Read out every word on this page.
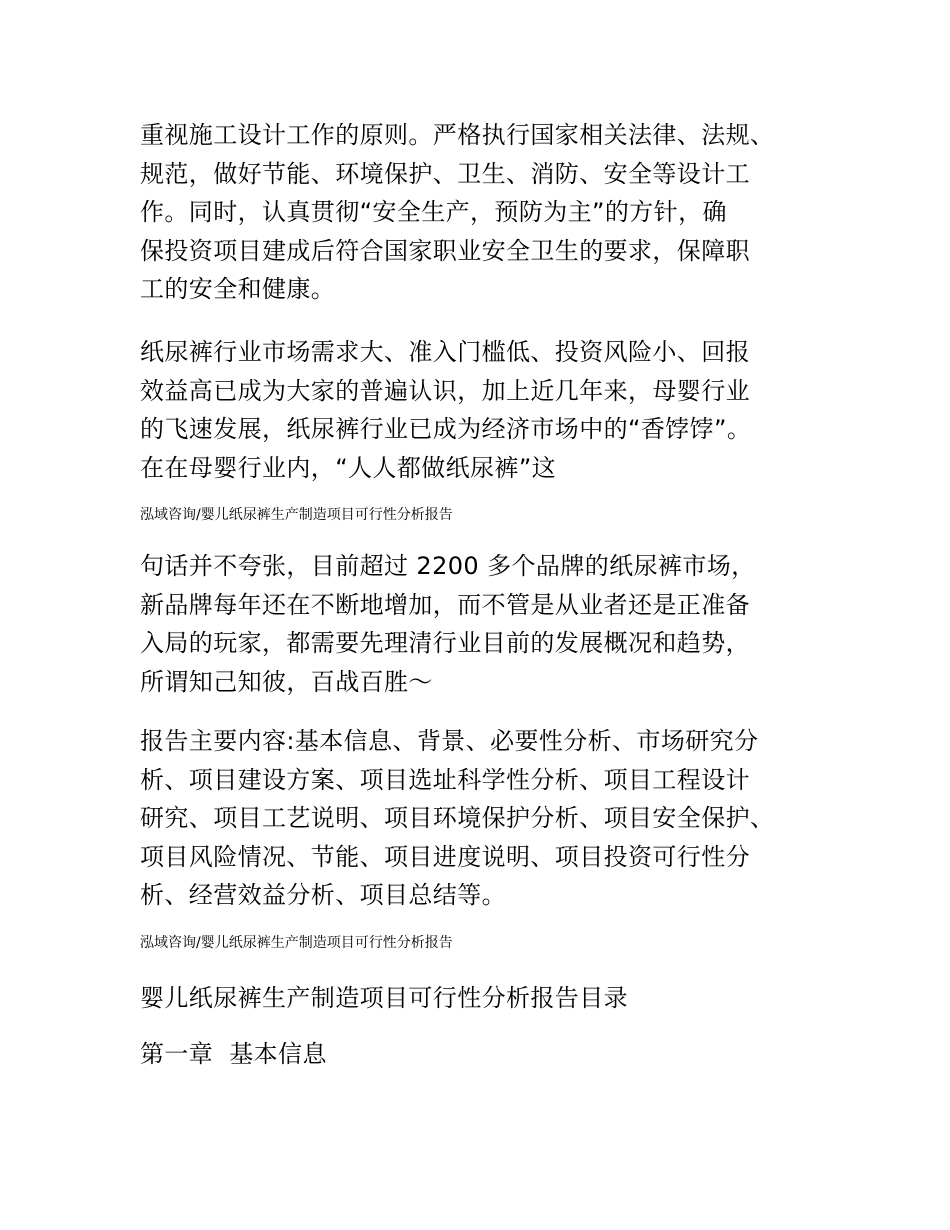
重视施工设计工作的原则。严格执行国家相关法律、法规、
规范，做好节能、环境保护、卫生、消防、安全等设计工
作。同时，认真贯彻“安全生产，预防为主”的方针，确
保投资项目建成后符合国家职业安全卫生的要求，保障职
工的安全和健康。
纸尿裤行业市场需求大、准入门槛低、投资风险小、回报
效益高已成为大家的普遍认识，加上近几年来，母婴行业
的飞速发展，纸尿裤行业已成为经济市场中的“香饽饽”。
在在母婴行业内，“人人都做纸尿裤”这
泓域咨询/婴儿纸尿裤生产制造项目可行性分析报告
句话并不夸张，目前超过 2200 多个品牌的纸尿裤市场，
新品牌每年还在不断地增加，而不管是从业者还是正准备
入局的玩家，都需要先理清行业目前的发展概况和趋势，
所谓知己知彼，百战百胜～
报告主要内容:基本信息、背景、必要性分析、市场研究分
析、项目建设方案、项目选址科学性分析、项目工程设计
研究、项目工艺说明、项目环境保护分析、项目安全保护、
项目风险情况、节能、项目进度说明、项目投资可行性分
析、经营效益分析、项目总结等。
泓域咨询/婴儿纸尿裤生产制造项目可行性分析报告
婴儿纸尿裤生产制造项目可行性分析报告目录
第一章  基本信息
